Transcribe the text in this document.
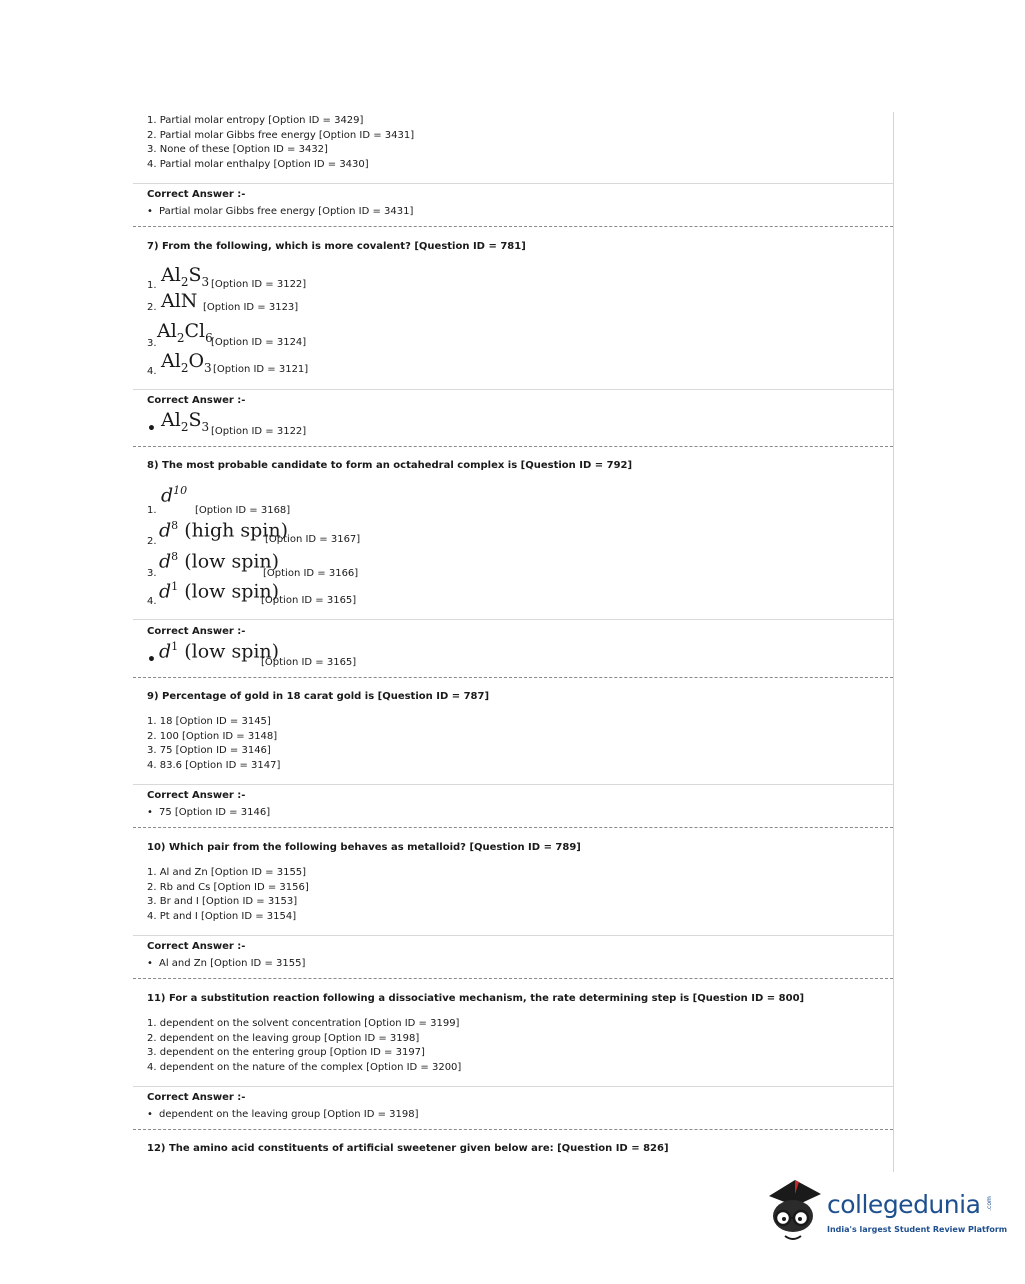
1. Partial molar entropy [Option ID = 3429]
2. Partial molar Gibbs free energy [Option ID = 3431]
3. None of these [Option ID = 3432]
4. Partial molar enthalpy [Option ID = 3430]
Correct Answer :-
• Partial molar Gibbs free energy [Option ID = 3431]
7) From the following, which is more covalent? [Question ID = 781]
1. $Al_2S_3$ [Option ID = 3122]
2. AlN [Option ID = 3123]
3.
$Al_2Cl_6$
[Option ID = 3124]
4. $Al_2O_3$ [Option ID = 3121]
Correct Answer :-
• $Al_2S_3$ [Option ID = 3122]
8) The most probable candidate to form an octahedral complex is [Question ID = 792]
1.
$d^{10}$
[Option ID = 3168]
2.
$d^8$ (high spin)
[Option ID = 3167]
3.
$d^8$ (low spin)
[Option ID = 3166]
4. $d^1$ (low spin)
[Option ID = 3165]
Correct Answer :-
• $d^1$ (low spin)
[Option ID = 3165]
9) Percentage of gold in 18 carat gold is [Question ID = 787]
1. 18 [Option ID = 3145]
2. 100 [Option ID = 3148]
3. 75 [Option ID = 3146]
4. 83.6 [Option ID = 3147]
Correct Answer :-
• 75 [Option ID = 3146]
10) Which pair from the following behaves as metalloid? [Question ID = 789]
1. Al and Zn [Option ID = 3155]
2. Rb and Cs [Option ID = 3156]
3. Br and I [Option ID = 3153]
4. Pt and I [Option ID = 3154]
Correct Answer :-
• Al and Zn [Option ID = 3155]
11) For a substitution reaction following a dissociative mechanism, the rate determining step is [Question ID = 800]
1. dependent on the solvent concentration [Option ID = 3199]
2. dependent on the leaving group [Option ID = 3198]
3. dependent on the entering group [Option ID = 3197]
4. dependent on the nature of the complex [Option ID = 3200]
Correct Answer :-
• dependent on the leaving group [Option ID = 3198]
12) The amino acid constituents of artificial sweetener given below are: [Question ID = 826]
collegedunia .com
India's largest Student Review Platform
